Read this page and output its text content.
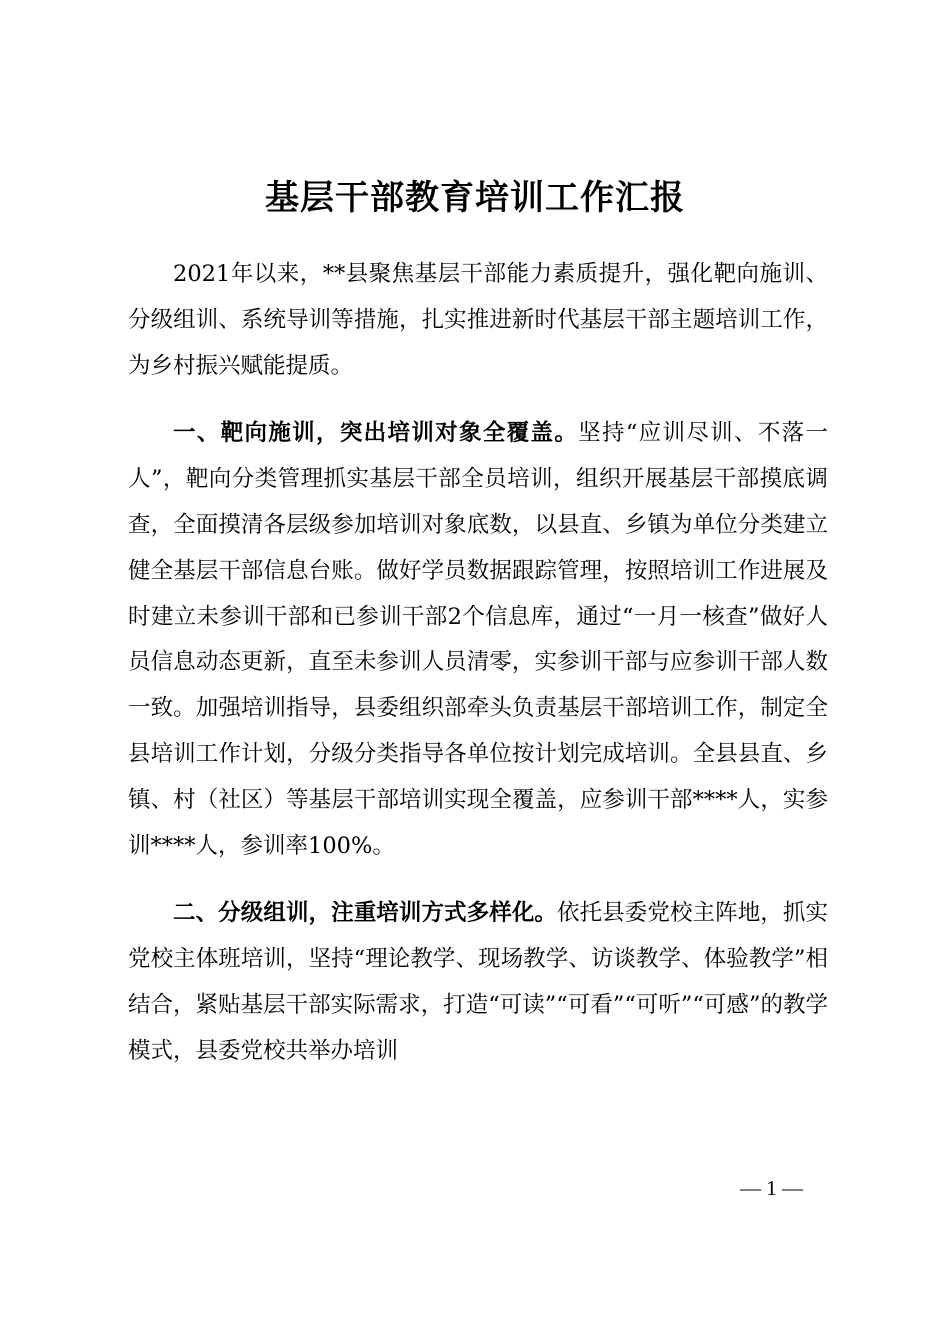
基层干部教育培训工作汇报

2021年以来，**县聚焦基层干部能力素质提升，强化靶向施训、分级组训、系统导训等措施，扎实推进新时代基层干部主题培训工作，为乡村振兴赋能提质。

一、靶向施训，突出培训对象全覆盖。坚持“应训尽训、不落一人”，靶向分类管理抓实基层干部全员培训，组织开展基层干部摸底调查，全面摸清各层级参加培训对象底数，以县直、乡镇为单位分类建立健全基层干部信息台账。做好学员数据跟踪管理，按照培训工作进展及时建立未参训干部和已参训干部2个信息库，通过“一月一核查”做好人员信息动态更新，直至未参训人员清零，实参训干部与应参训干部人数一致。加强培训指导，县委组织部牵头负责基层干部培训工作，制定全县培训工作计划，分级分类指导各单位按计划完成培训。全县县直、乡镇、村（社区）等基层干部培训实现全覆盖，应参训干部****人，实参训****人，参训率100%。

二、分级组训，注重培训方式多样化。依托县委党校主阵地，抓实党校主体班培训，坚持“理论教学、现场教学、访谈教学、体验教学”相结合，紧贴基层干部实际需求，打造“可读”“可看”“可听”“可感”的教学模式，县委党校共举办培训

— 1 —
